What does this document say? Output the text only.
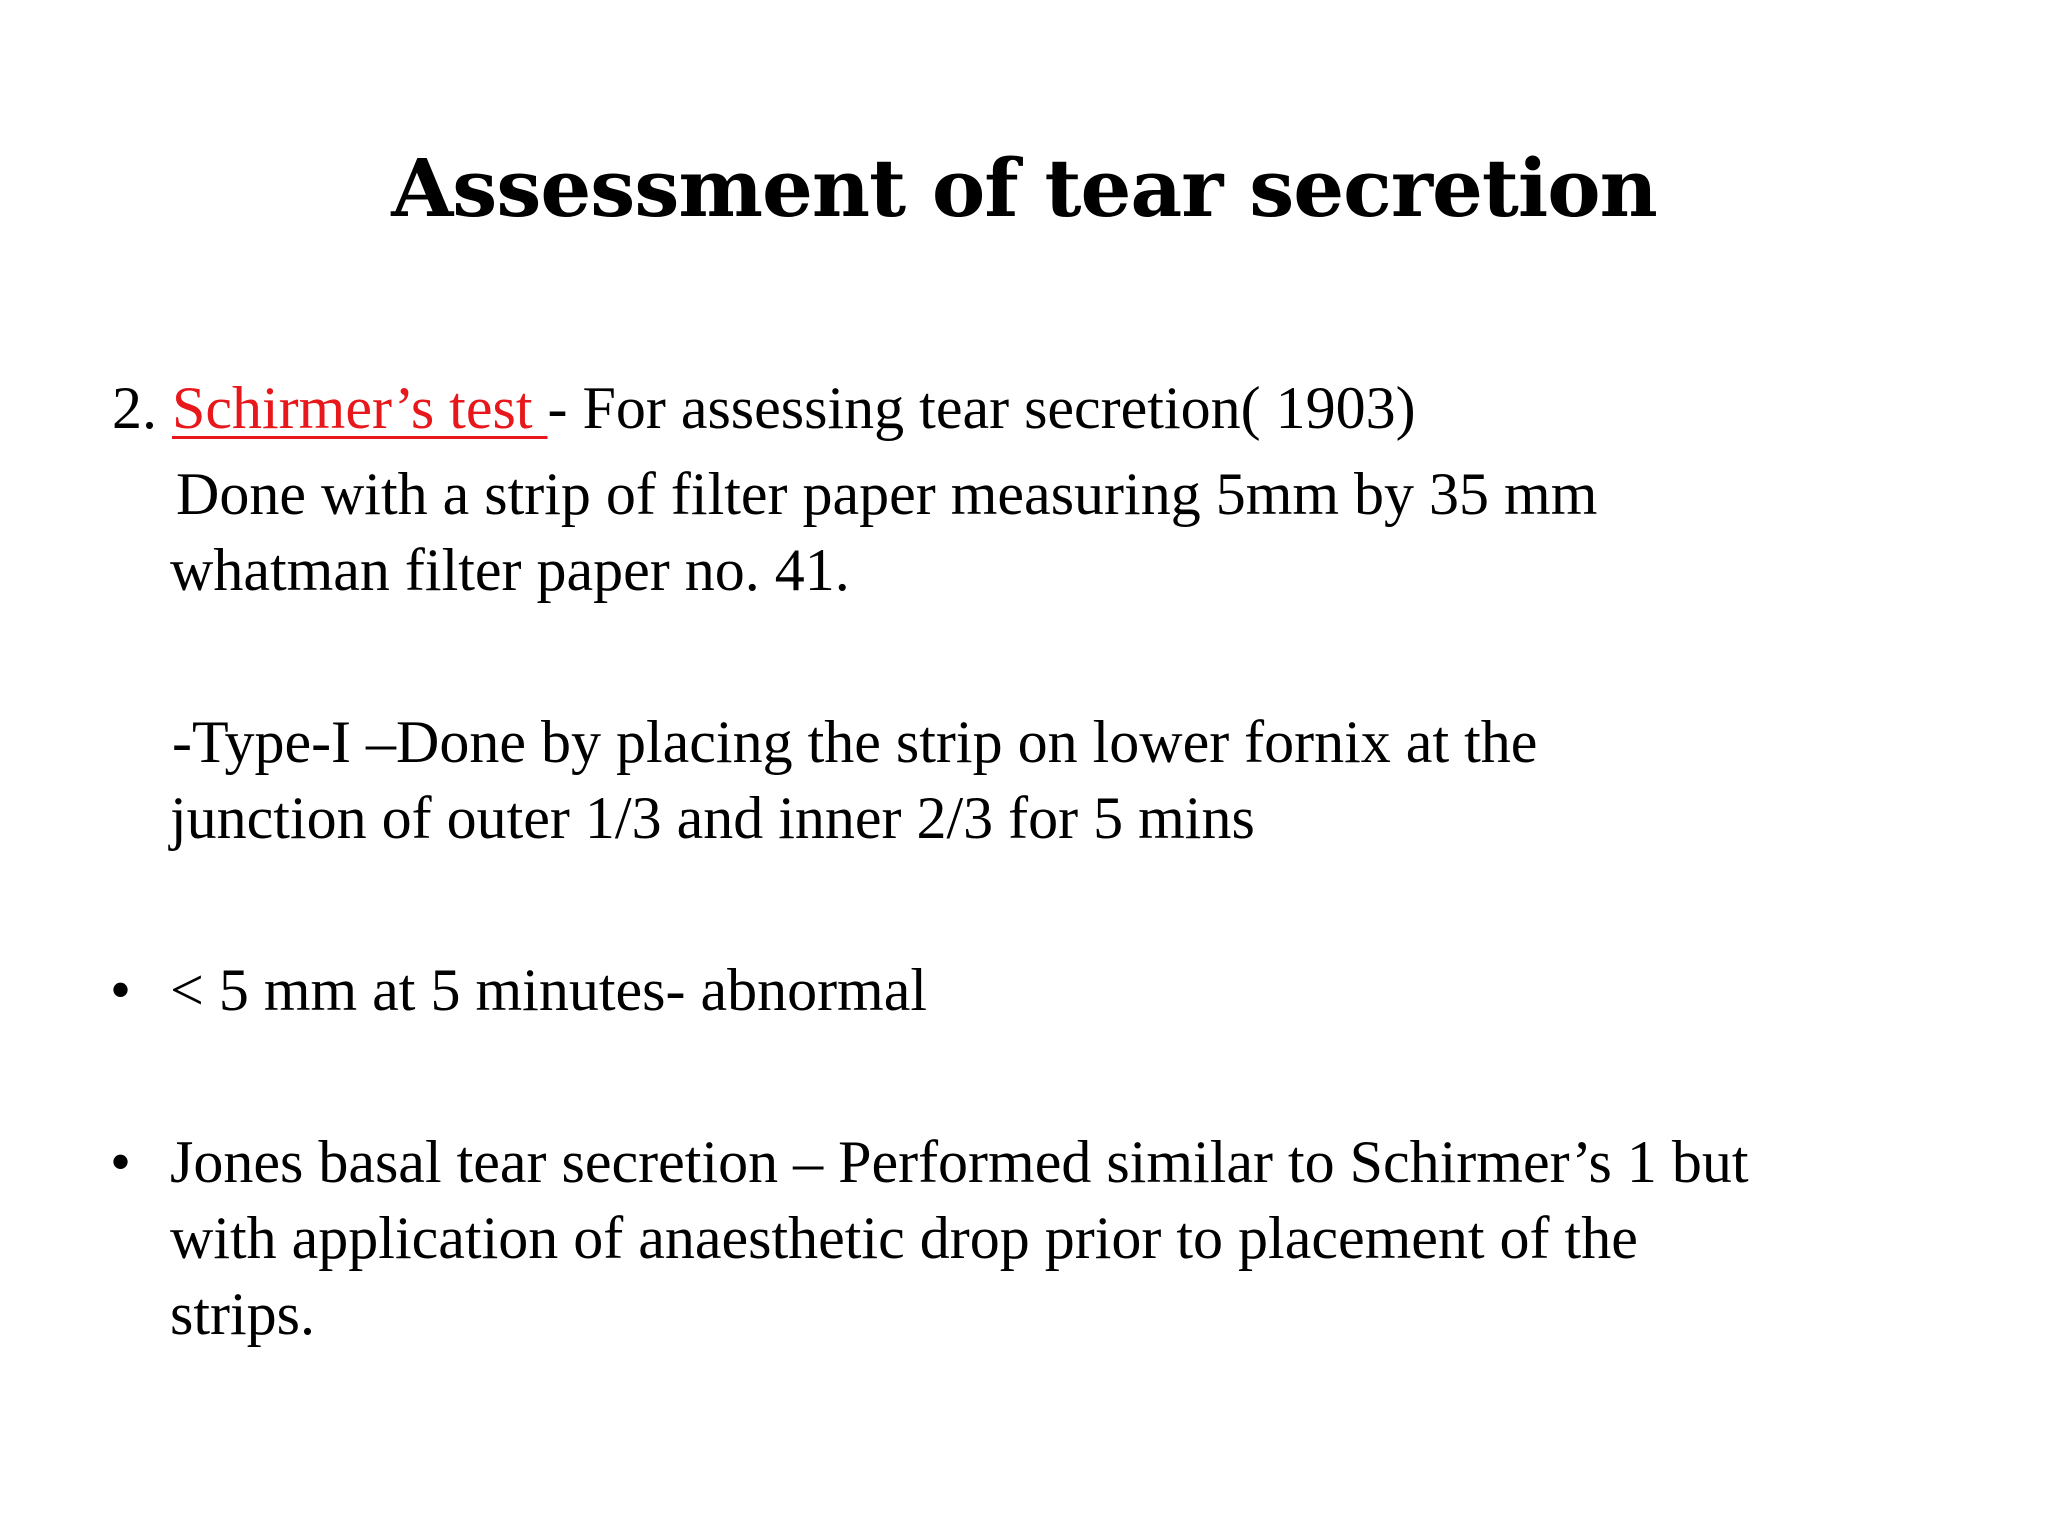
Assessment of tear secretion
2. Schirmer’s test - For assessing tear secretion( 1903)
Done with a strip of filter paper measuring 5mm by 35 mm
whatman filter paper no. 41.
-Type-I –Done by placing the strip on lower fornix at the
junction of outer 1/3 and inner 2/3 for 5 mins
• < 5 mm at 5 minutes- abnormal
• Jones basal tear secretion – Performed similar to Schirmer’s 1 but
with application of anaesthetic drop prior to placement of the
strips.
